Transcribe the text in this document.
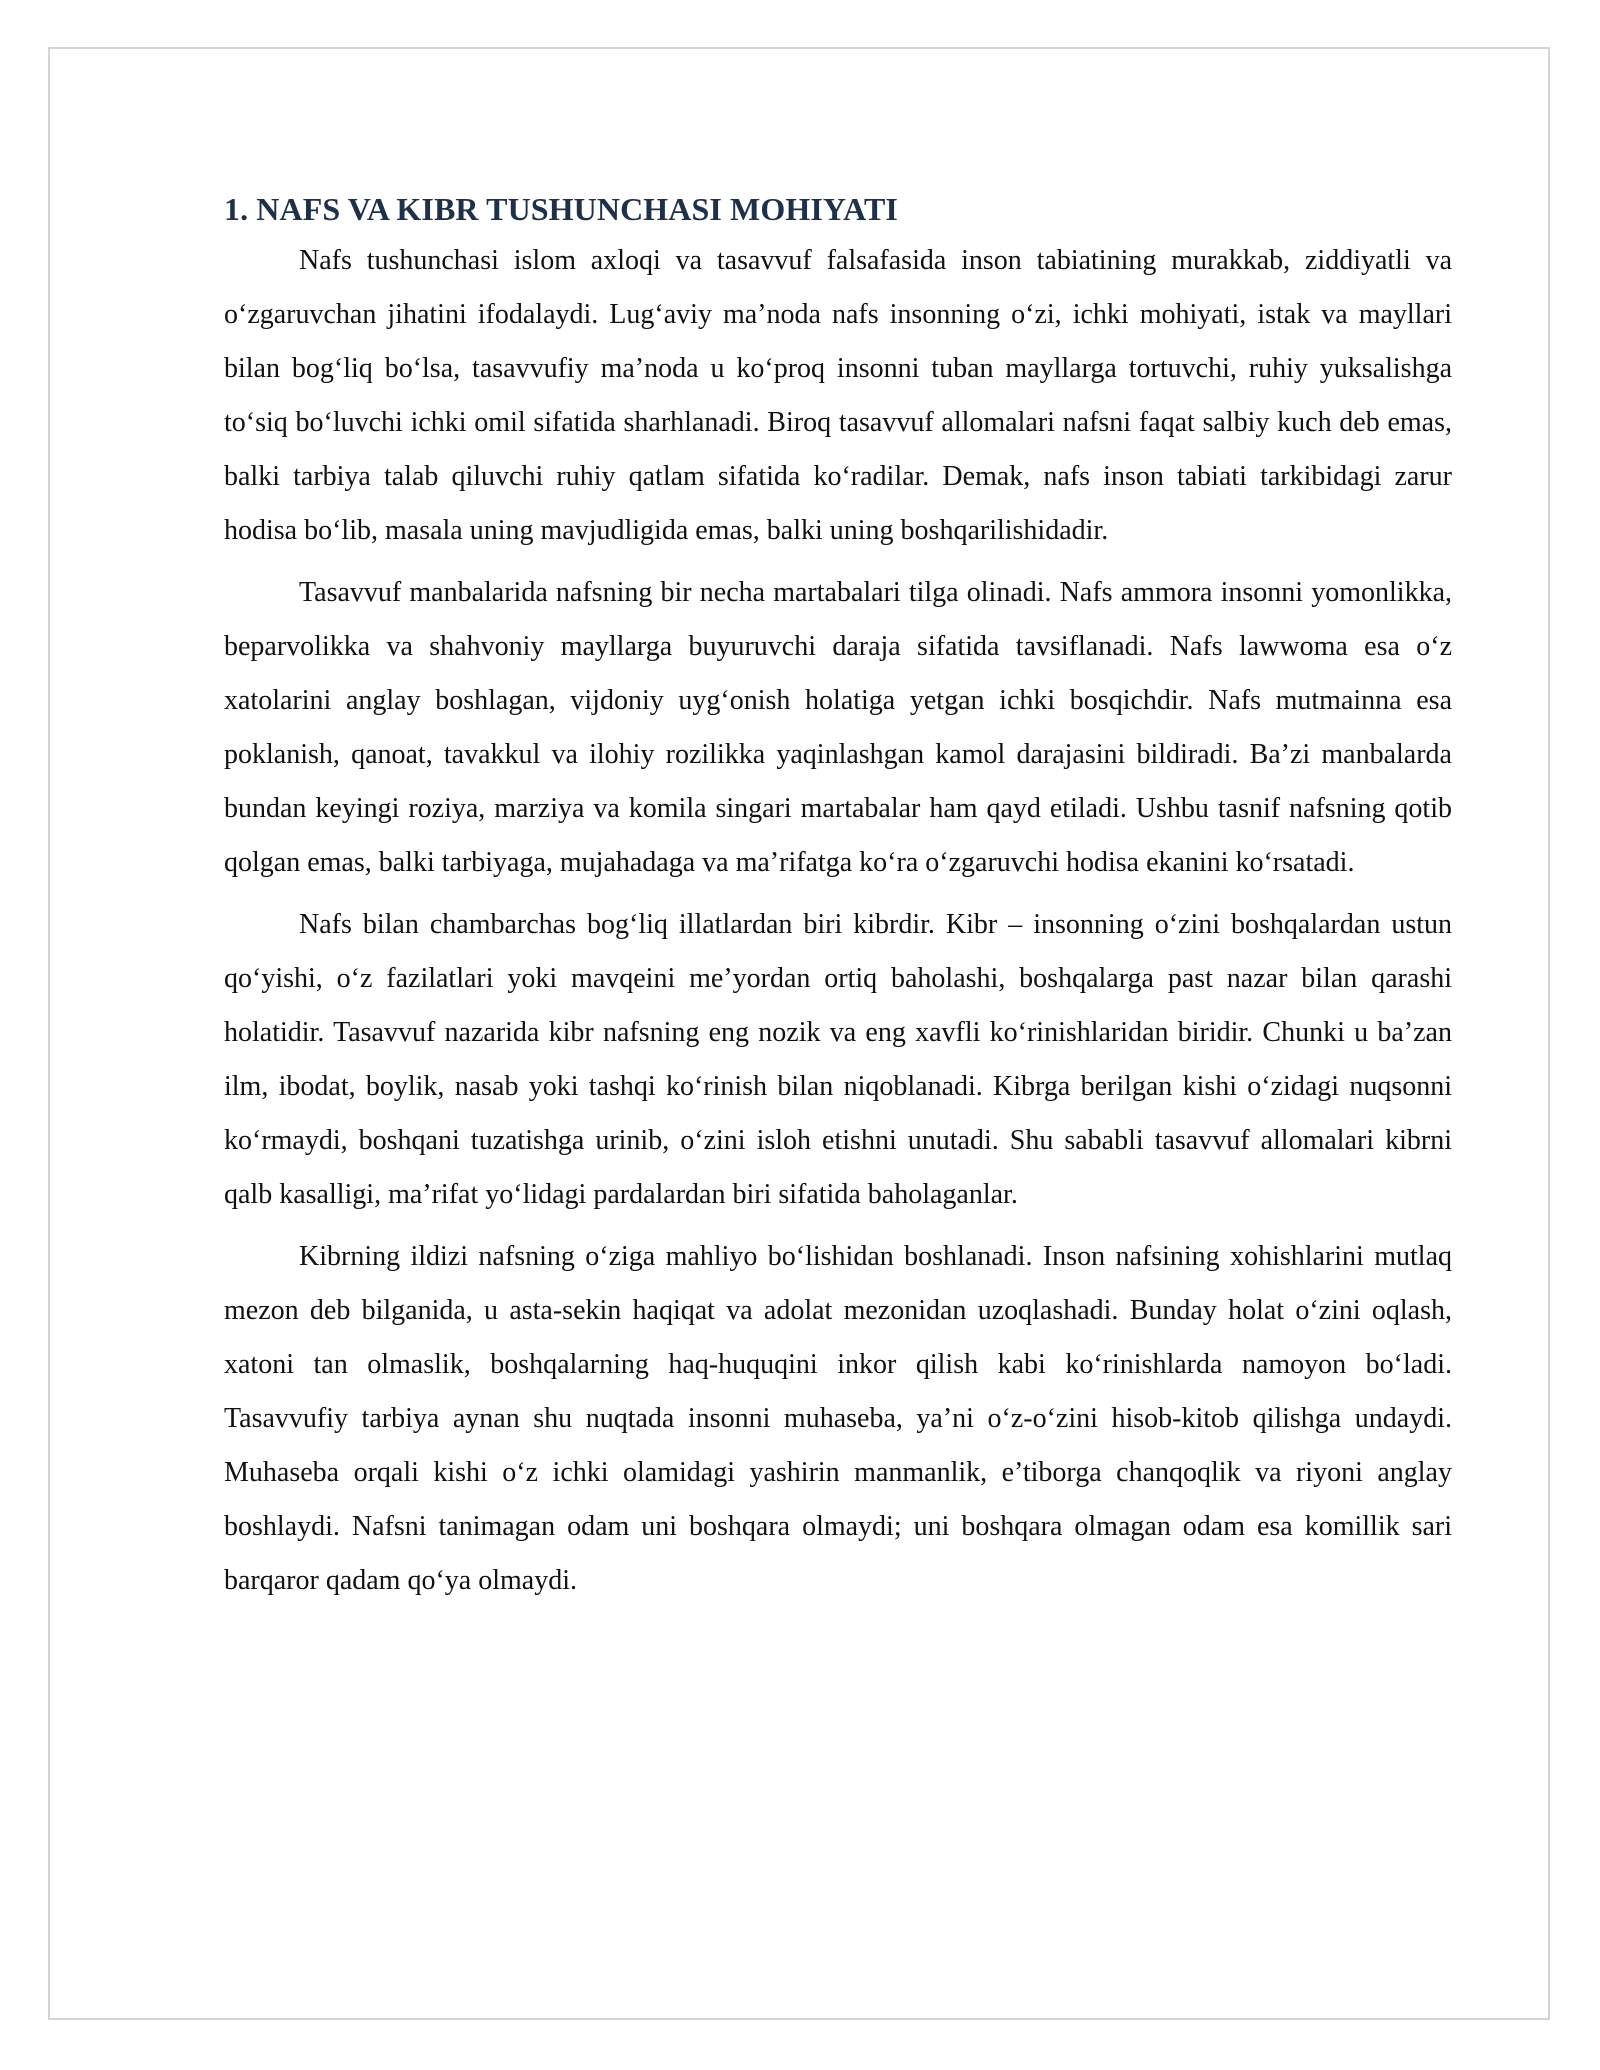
1. NAFS VA KIBR TUSHUNCHASI MOHIYATI

Nafs tushunchasi islom axloqi va tasavvuf falsafasida inson tabiatining murakkab, ziddiyatli va o‘zgaruvchan jihatini ifodalaydi. Lug‘aviy ma’noda nafs insonning o‘zi, ichki mohiyati, istak va mayllari bilan bog‘liq bo‘lsa, tasavvufiy ma’noda u ko‘proq insonni tuban mayllarga tortuvchi, ruhiy yuksalishga to‘siq bo‘luvchi ichki omil sifatida sharhlanadi. Biroq tasavvuf allomalari nafsni faqat salbiy kuch deb emas, balki tarbiya talab qiluvchi ruhiy qatlam sifatida ko‘radilar. Demak, nafs inson tabiati tarkibidagi zarur hodisa bo‘lib, masala uning mavjudligida emas, balki uning boshqarilishidadir.

Tasavvuf manbalarida nafsning bir necha martabalari tilga olinadi. Nafs ammora insonni yomonlikka, beparvolikka va shahvoniy mayllarga buyuruvchi daraja sifatida tavsiflanadi. Nafs lawwoma esa o‘z xatolarini anglay boshlagan, vijdoniy uyg‘onish holatiga yetgan ichki bosqichdir. Nafs mutmainna esa poklanish, qanoat, tavakkul va ilohiy rozilikka yaqinlashgan kamol darajasini bildiradi. Ba’zi manbalarda bundan keyingi roziya, marziya va komila singari martabalar ham qayd etiladi. Ushbu tasnif nafsning qotib qolgan emas, balki tarbiyaga, mujahadaga va ma’rifatga ko‘ra o‘zgaruvchi hodisa ekanini ko‘rsatadi.

Nafs bilan chambarchas bog‘liq illatlardan biri kibrdir. Kibr – insonning o‘zini boshqalardan ustun qo‘yishi, o‘z fazilatlari yoki mavqeini me’yordan ortiq baholashi, boshqalarga past nazar bilan qarashi holatidir. Tasavvuf nazarida kibr nafsning eng nozik va eng xavfli ko‘rinishlaridan biridir. Chunki u ba’zan ilm, ibodat, boylik, nasab yoki tashqi ko‘rinish bilan niqoblanadi. Kibrga berilgan kishi o‘zidagi nuqsonni ko‘rmaydi, boshqani tuzatishga urinib, o‘zini isloh etishni unutadi. Shu sababli tasavvuf allomalari kibrni qalb kasalligi, ma’rifat yo‘lidagi pardalardan biri sifatida baholaganlar.

Kibrning ildizi nafsning o‘ziga mahliyo bo‘lishidan boshlanadi. Inson nafsining xohishlarini mutlaq mezon deb bilganida, u asta-sekin haqiqat va adolat mezonidan uzoqlashadi. Bunday holat o‘zini oqlash, xatoni tan olmaslik, boshqalarning haq-huquqini inkor qilish kabi ko‘rinishlarda namoyon bo‘ladi. Tasavvufiy tarbiya aynan shu nuqtada insonni muhaseba, ya’ni o‘z-o‘zini hisob-kitob qilishga undaydi. Muhaseba orqali kishi o‘z ichki olamidagi yashirin manmanlik, e’tiborga chanqoqlik va riyoni anglay boshlaydi. Nafsni tanimagan odam uni boshqara olmaydi; uni boshqara olmagan odam esa komillik sari barqaror qadam qo‘ya olmaydi.
